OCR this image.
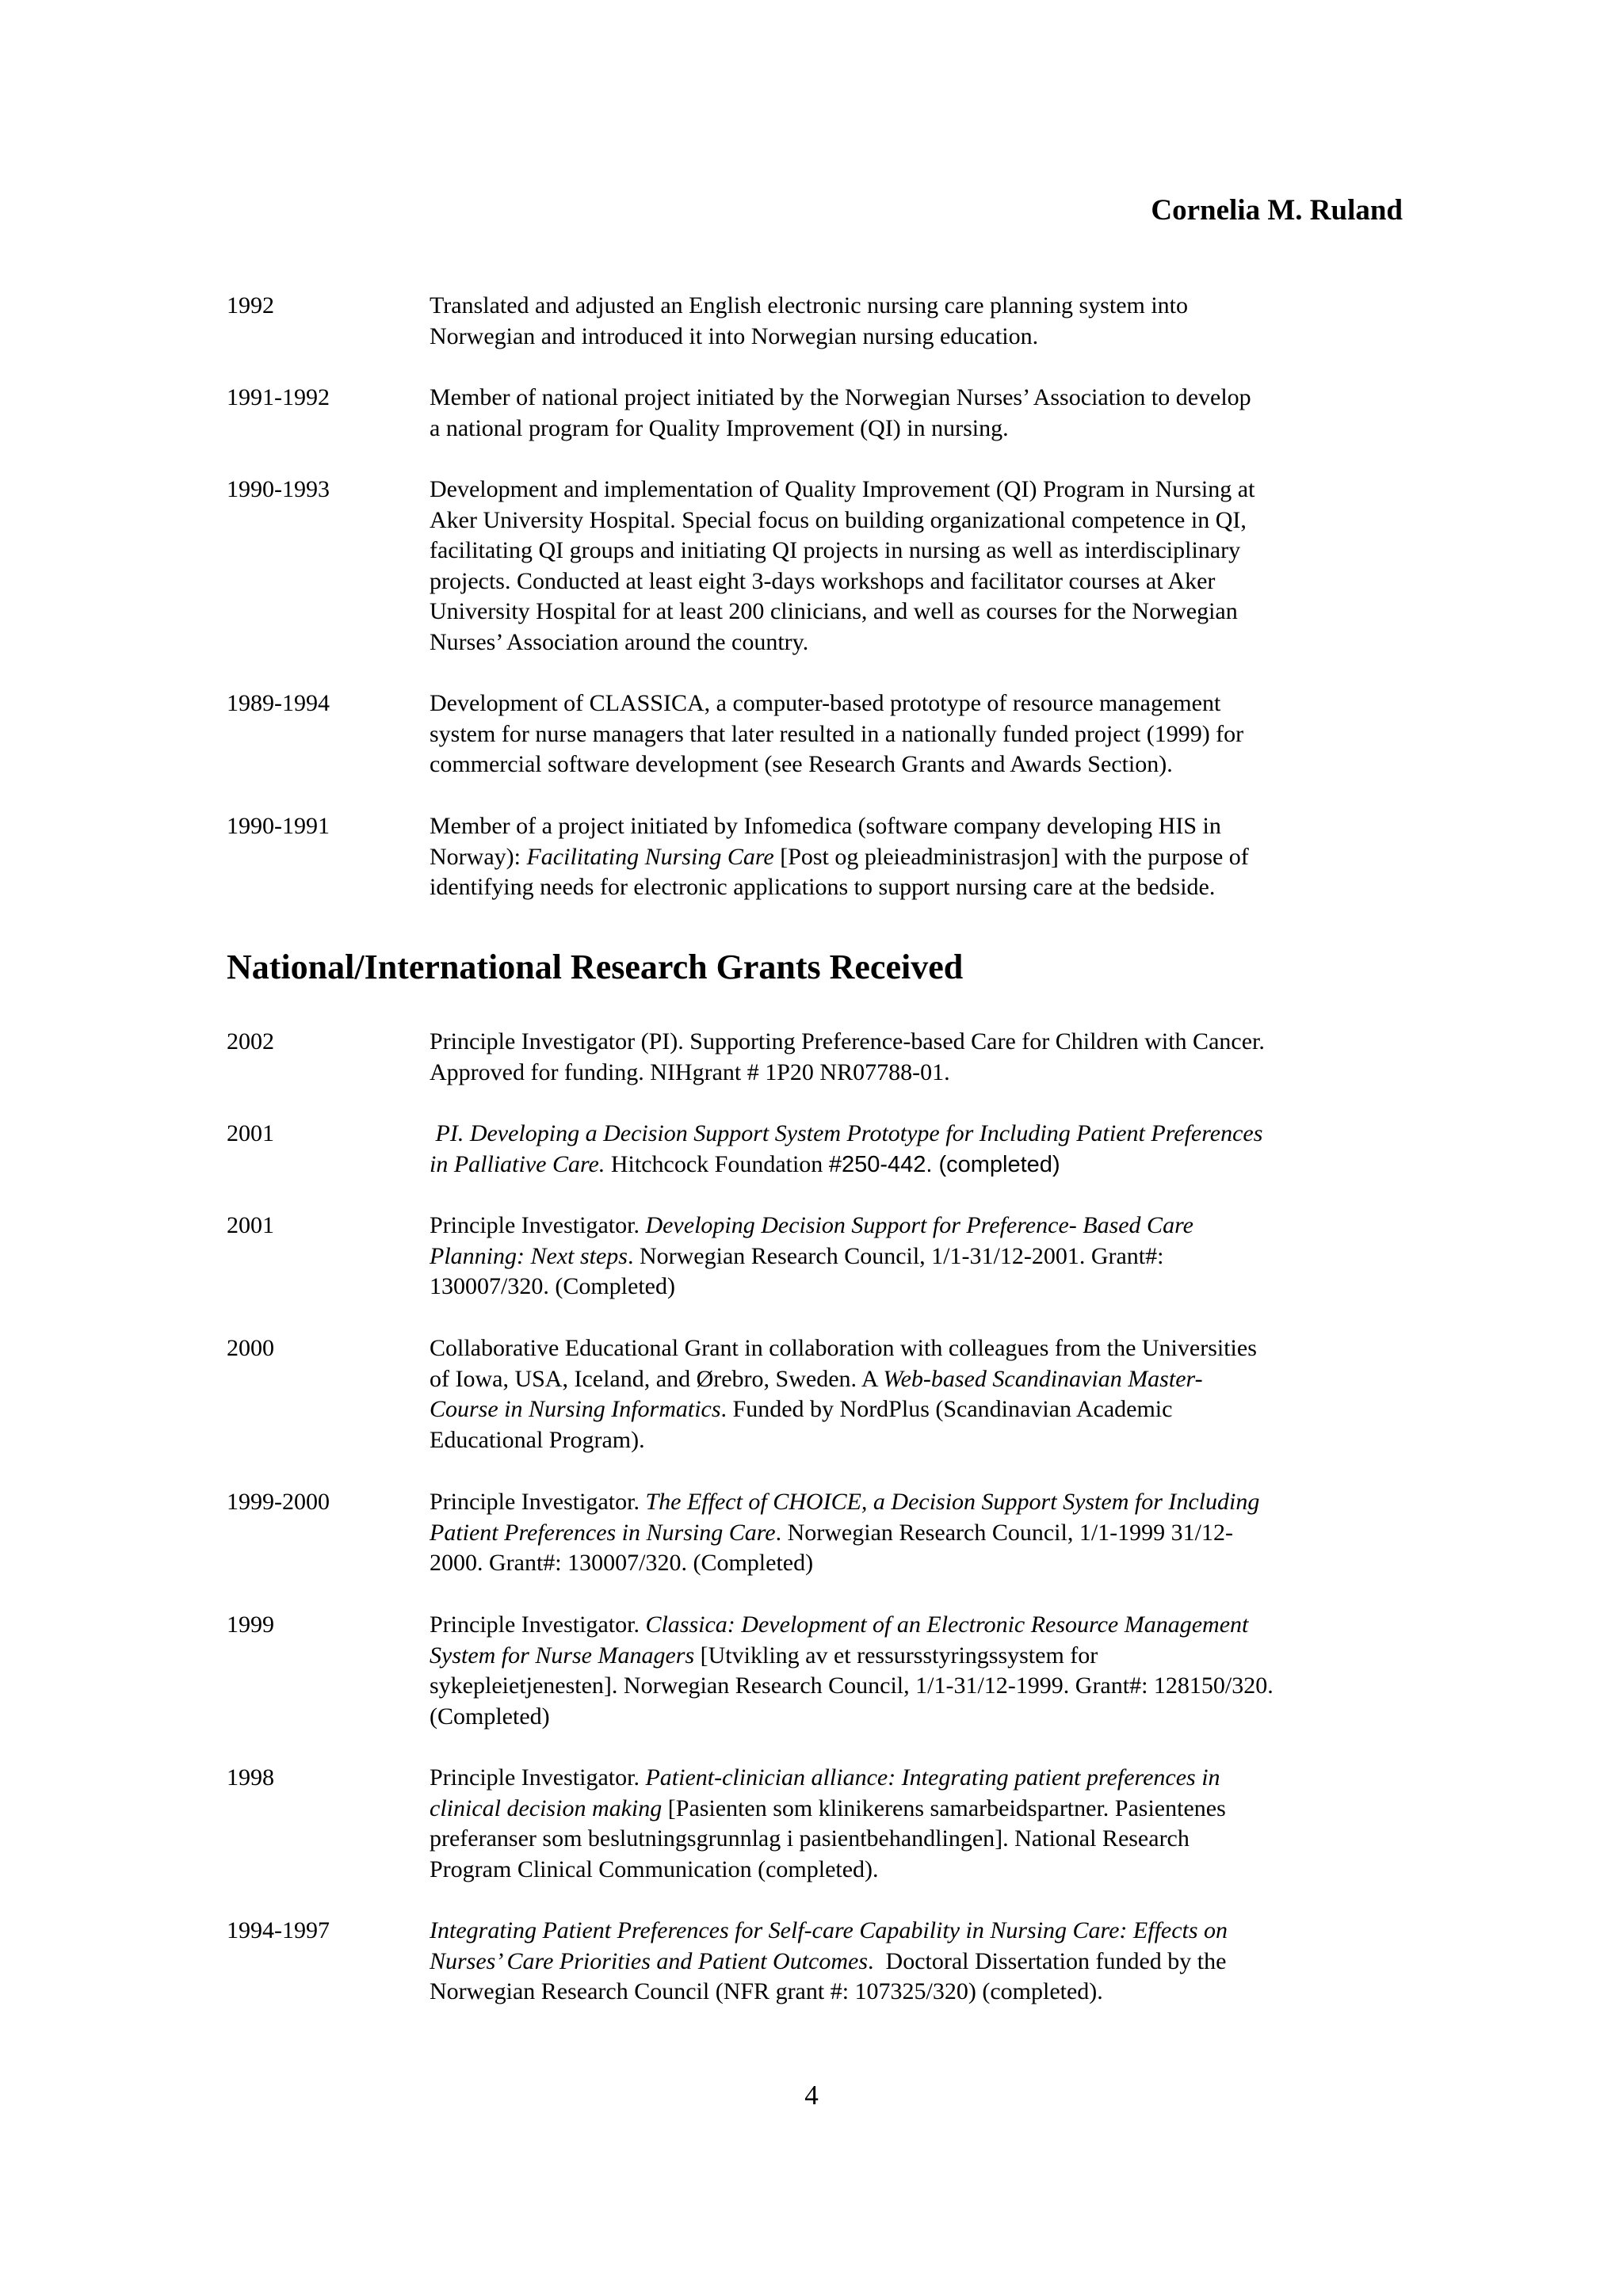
Cornelia M. Ruland
1992	Translated and adjusted an English electronic nursing care planning system into
Norwegian and introduced it into Norwegian nursing education.
1991-1992	Member of national project initiated by the Norwegian Nurses’ Association to develop
a national program for Quality Improvement (QI) in nursing.
1990-1993	Development and implementation of Quality Improvement (QI) Program in Nursing at
Aker University Hospital. Special focus on building organizational competence in QI,
facilitating QI groups and initiating QI projects in nursing as well as interdisciplinary
projects. Conducted at least eight 3-days workshops and facilitator courses at Aker
University Hospital for at least 200 clinicians, and well as courses for the Norwegian
Nurses’ Association around the country.
1989-1994	Development of CLASSICA, a computer-based prototype of resource management
system for nurse managers that later resulted in a nationally funded project (1999) for
commercial software development (see Research Grants and Awards Section).
1990-1991	Member of a project initiated by Infomedica (software company developing HIS in
Norway): Facilitating Nursing Care [Post og pleieadministrasjon] with the purpose of
identifying needs for electronic applications to support nursing care at the bedside.
National/International Research Grants Received
2002	Principle Investigator (PI). Supporting Preference-based Care for Children with Cancer.
Approved for funding. NIHgrant # 1P20 NR07788-01.
2001	PI. Developing a Decision Support System Prototype for Including Patient Preferences
in Palliative Care. Hitchcock Foundation #250-442. (completed)
2001	Principle Investigator. Developing Decision Support for Preference- Based Care
Planning: Next steps. Norwegian Research Council, 1/1-31/12-2001. Grant#:
130007/320. (Completed)
2000	Collaborative Educational Grant in collaboration with colleagues from the Universities
of Iowa, USA, Iceland, and Ørebro, Sweden. A Web-based Scandinavian Master-
Course in Nursing Informatics. Funded by NordPlus (Scandinavian Academic
Educational Program).
1999-2000	Principle Investigator. The Effect of CHOICE, a Decision Support System for Including
Patient Preferences in Nursing Care. Norwegian Research Council, 1/1-1999 31/12-
2000. Grant#: 130007/320. (Completed)
1999	Principle Investigator. Classica: Development of an Electronic Resource Management
System for Nurse Managers [Utvikling av et ressursstyringssystem for
sykepleietjenesten]. Norwegian Research Council, 1/1-31/12-1999. Grant#: 128150/320.
(Completed)
1998	Principle Investigator. Patient-clinician alliance: Integrating patient preferences in
clinical decision making [Pasienten som klinikerens samarbeidspartner. Pasientenes
preferanser som beslutningsgrunnlag i pasientbehandlingen]. National Research
Program Clinical Communication (completed).
1994-1997	Integrating Patient Preferences for Self-care Capability in Nursing Care: Effects on
Nurses’ Care Priorities and Patient Outcomes.  Doctoral Dissertation funded by the
Norwegian Research Council (NFR grant #: 107325/320) (completed).
4
